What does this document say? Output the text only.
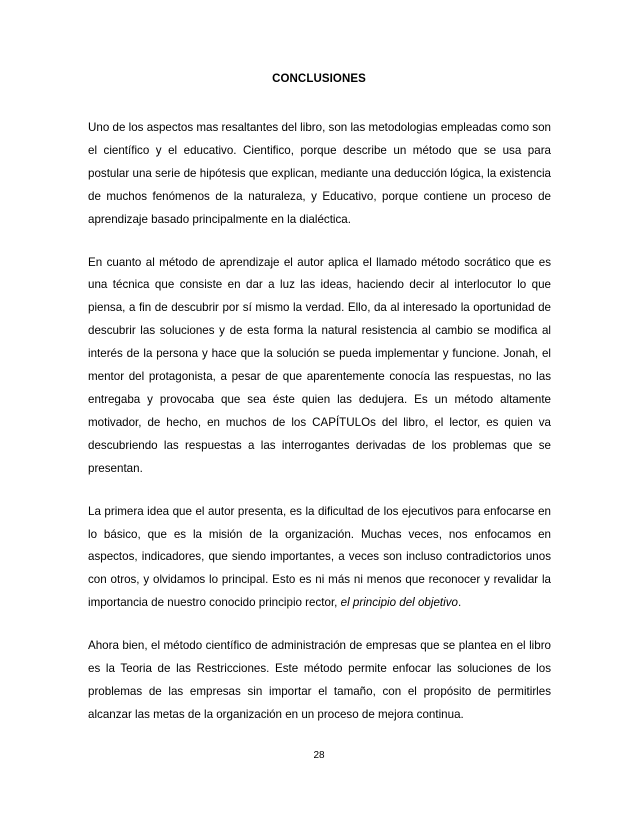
CONCLUSIONES

Uno de los aspectos mas resaltantes del libro, son las metodologias empleadas como son el científico y el educativo. Cientifico, porque describe un método que se usa para postular una serie de hipótesis que explican, mediante una deducción lógica, la existencia de muchos fenómenos de la naturaleza, y Educativo, porque contiene un proceso de aprendizaje basado principalmente en la dialéctica.

En cuanto al método de aprendizaje el autor aplica el llamado método socrático que es una técnica que consiste en dar a luz las ideas, haciendo decir al interlocutor lo que piensa, a fin de descubrir por sí mismo la verdad. Ello, da al interesado la oportunidad de descubrir las soluciones y de esta forma la natural resistencia al cambio se modifica al interés de la persona y hace que la solución se pueda implementar y funcione. Jonah, el mentor del protagonista, a pesar de que aparentemente conocía las respuestas, no las entregaba y provocaba que sea éste quien las dedujera. Es un método altamente motivador, de hecho, en muchos de los CAPÍTULOs del libro, el lector, es quien va descubriendo las respuestas a las interrogantes derivadas de los problemas que se presentan.

La primera idea que el autor presenta, es la dificultad de los ejecutivos para enfocarse en lo básico, que es la misión de la organización. Muchas veces, nos enfocamos en aspectos, indicadores, que siendo importantes, a veces son incluso contradictorios unos con otros, y olvidamos lo principal. Esto es ni más ni menos que reconocer y revalidar la importancia de nuestro conocido principio rector, el principio del objetivo.

Ahora bien, el método científico de administración de empresas que se plantea en el libro es la Teoria de las Restricciones. Este método permite enfocar las soluciones de los problemas de las empresas sin importar el tamaño, con el propósito de permitirles alcanzar las metas de la organización en un proceso de mejora continua.

28
